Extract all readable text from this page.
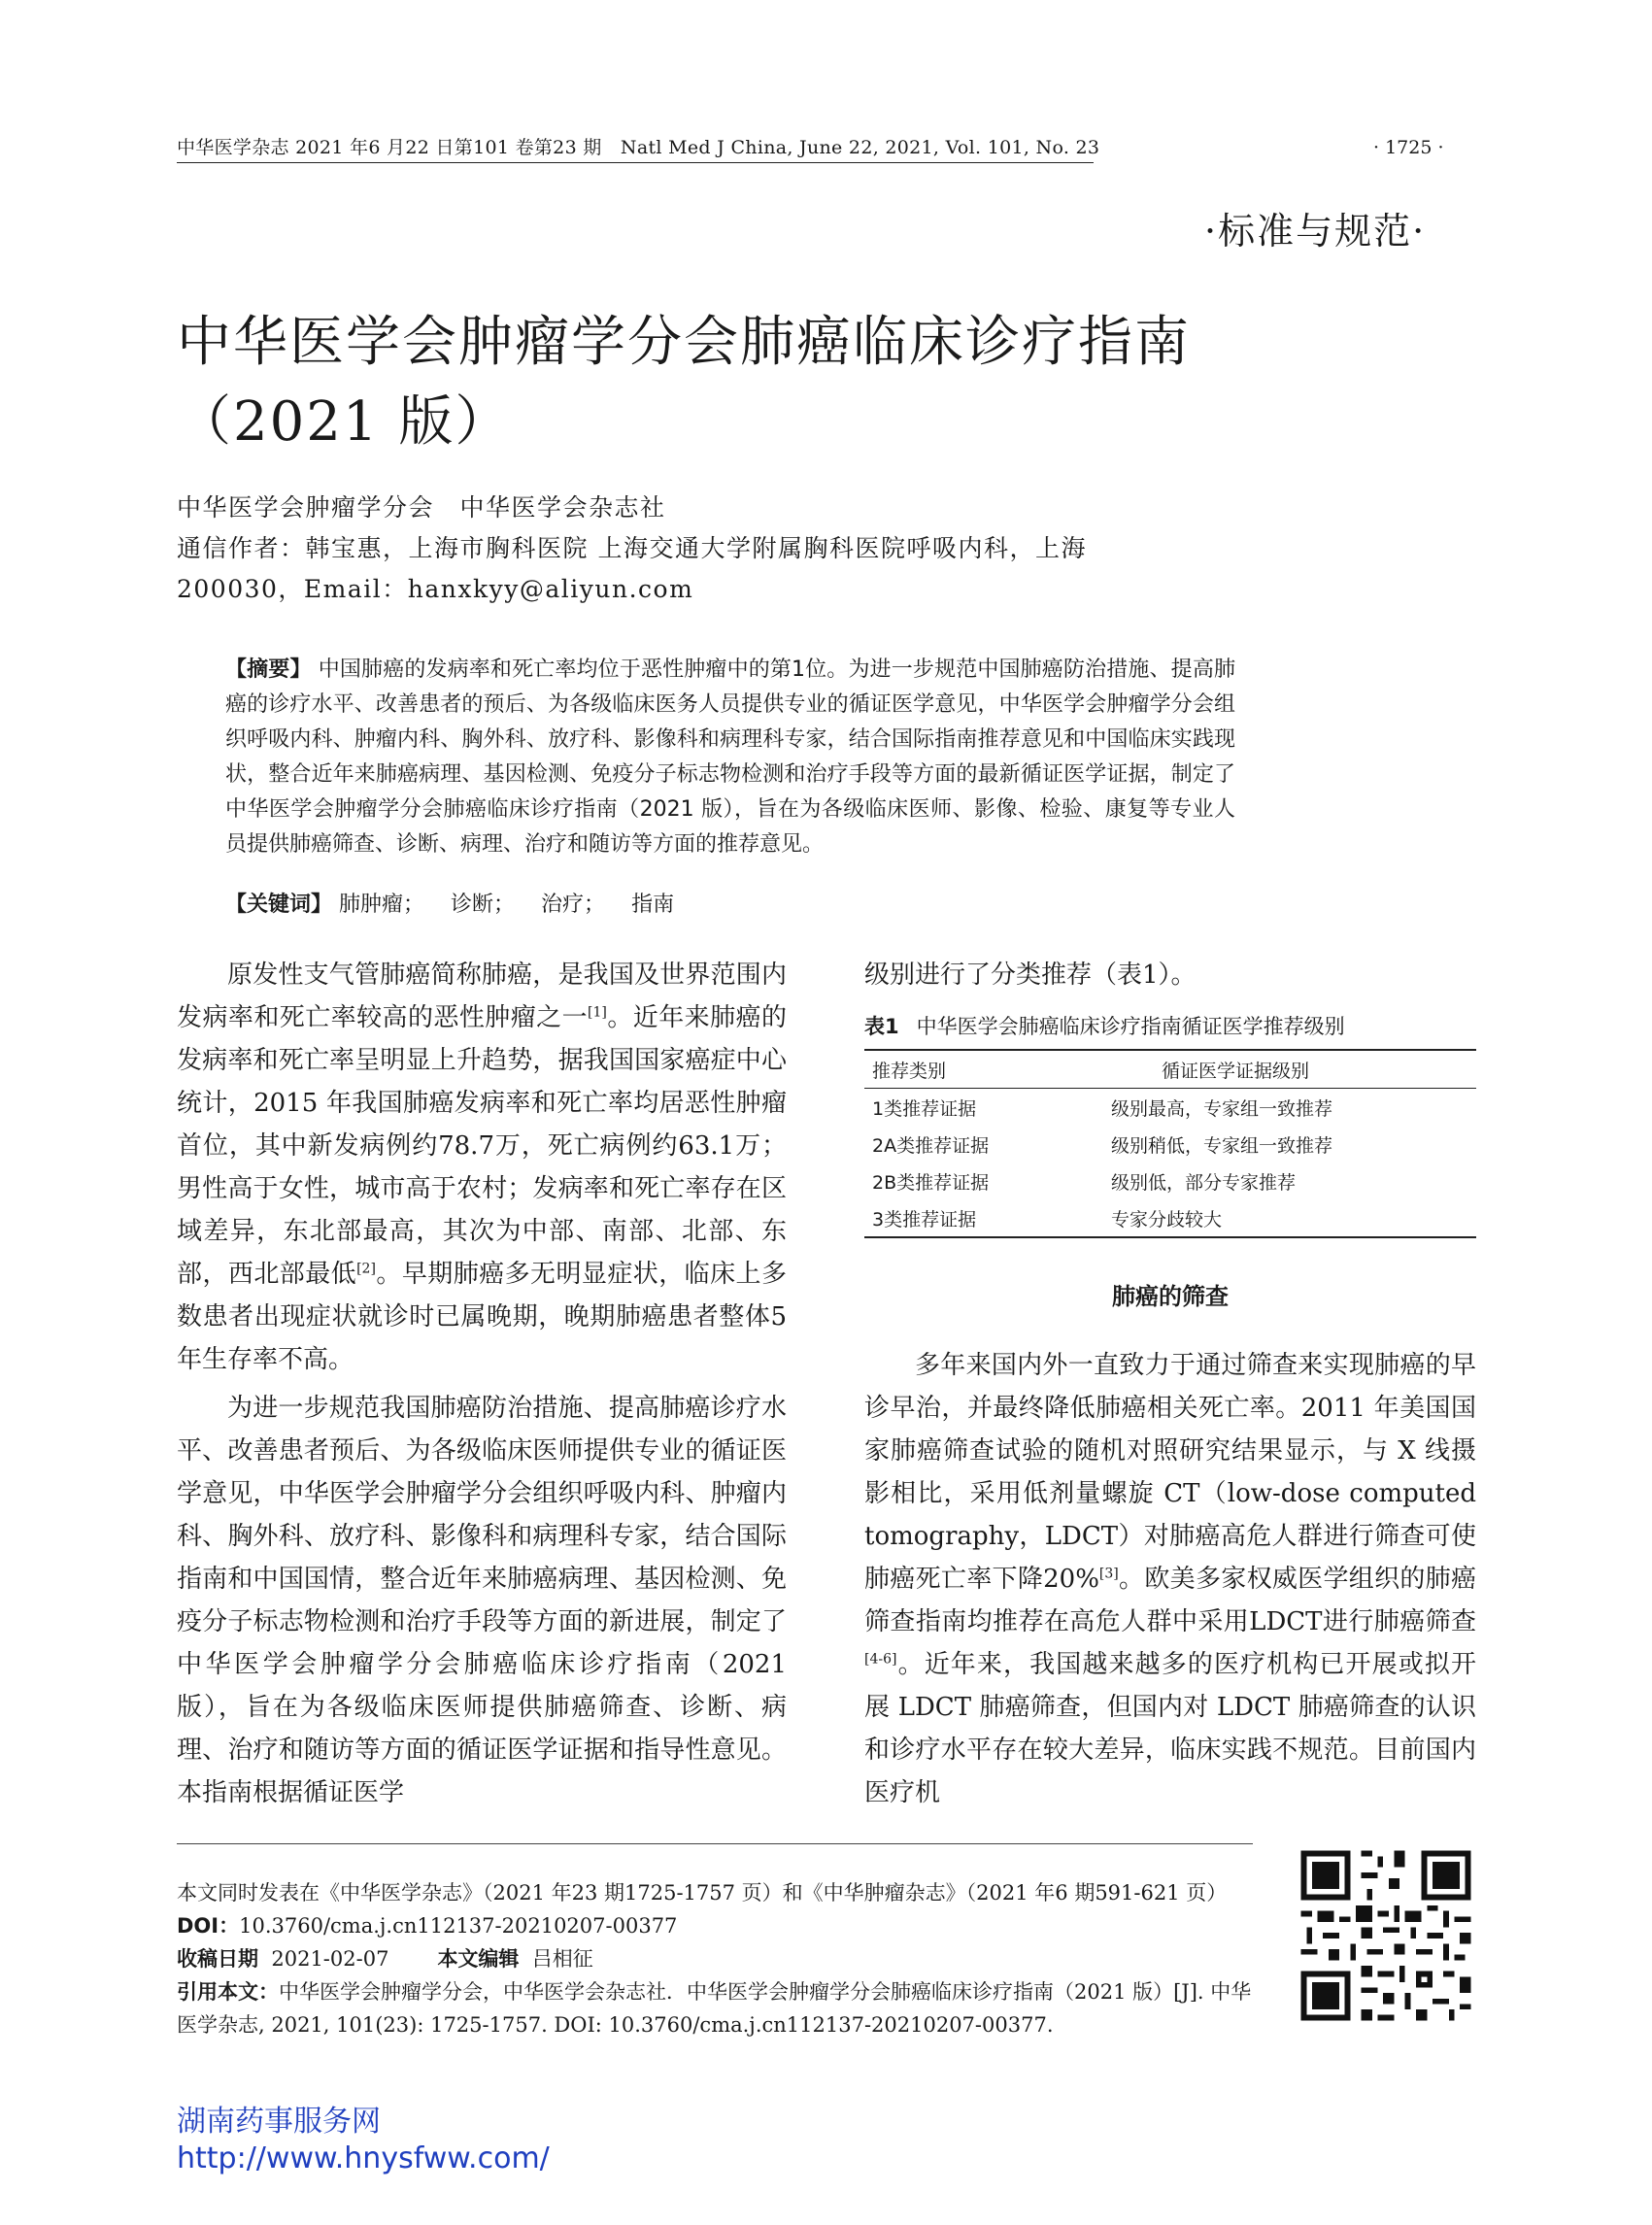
中华医学杂志 2021 年6 月22 日第101 卷第23 期　Natl Med J China, June 22, 2021, Vol. 101, No. 23	· 1725 ·
·标准与规范·
中华医学会肿瘤学分会肺癌临床诊疗指南
（2021 版）
中华医学会肿瘤学分会　中华医学会杂志社
通信作者：韩宝惠，上海市胸科医院 上海交通大学附属胸科医院呼吸内科，上海
200030，Email：hanxkyy@aliyun.com
【摘要】 中国肺癌的发病率和死亡率均位于恶性肿瘤中的第1位。为进一步规范中国肺癌防治措施、提高肺癌的诊疗水平、改善患者的预后、为各级临床医务人员提供专业的循证医学意见，中华医学会肿瘤学分会组织呼吸内科、肿瘤内科、胸外科、放疗科、影像科和病理科专家，结合国际指南推荐意见和中国临床实践现状，整合近年来肺癌病理、基因检测、免疫分子标志物检测和治疗手段等方面的最新循证医学证据，制定了中华医学会肿瘤学分会肺癌临床诊疗指南（2021 版），旨在为各级临床医师、影像、检验、康复等专业人员提供肺癌筛查、诊断、病理、治疗和随访等方面的推荐意见。
【关键词】 肺肿瘤； 诊断； 治疗； 指南

原发性支气管肺癌简称肺癌，是我国及世界范围内发病率和死亡率较高的恶性肿瘤之一[1]。近年来肺癌的发病率和死亡率呈明显上升趋势，据我国国家癌症中心统计，2015 年我国肺癌发病率和死亡率均居恶性肿瘤首位，其中新发病例约78.7万，死亡病例约63.1万；男性高于女性，城市高于农村；发病率和死亡率存在区域差异，东北部最高，其次为中部、南部、北部、东部，西北部最低[2]。早期肺癌多无明显症状，临床上多数患者出现症状就诊时已属晚期，晚期肺癌患者整体5年生存率不高。

为进一步规范我国肺癌防治措施、提高肺癌诊疗水平、改善患者预后、为各级临床医师提供专业的循证医学意见，中华医学会肿瘤学分会组织呼吸内科、肿瘤内科、胸外科、放疗科、影像科和病理科专家，结合国际指南和中国国情，整合近年来肺癌病理、基因检测、免疫分子标志物检测和治疗手段等方面的新进展，制定了中华医学会肿瘤学分会肺癌临床诊疗指南（2021 版），旨在为各级临床医师提供肺癌筛查、诊断、病理、治疗和随访等方面的循证医学证据和指导性意见。本指南根据循证医学

级别进行了分类推荐（表1）。

表1 中华医学会肺癌临床诊疗指南循证医学推荐级别
推荐类别	循证医学证据级别
1类推荐证据	级别最高，专家组一致推荐
2A类推荐证据	级别稍低，专家组一致推荐
2B类推荐证据	级别低，部分专家推荐
3类推荐证据	专家分歧较大
肺癌的筛查

多年来国内外一直致力于通过筛查来实现肺癌的早诊早治，并最终降低肺癌相关死亡率。2011 年美国国家肺癌筛查试验的随机对照研究结果显示，与 X 线摄影相比，采用低剂量螺旋 CT（low-dose computed tomography，LDCT）对肺癌高危人群进行筛查可使肺癌死亡率下降20%[3]。欧美多家权威医学组织的肺癌筛查指南均推荐在高危人群中采用LDCT进行肺癌筛查[4-6]。近年来，我国越来越多的医疗机构已开展或拟开展 LDCT 肺癌筛查，但国内对 LDCT 肺癌筛查的认识和诊疗水平存在较大差异，临床实践不规范。目前国内医疗机

本文同时发表在《中华医学杂志》（2021 年23 期1725-1757 页）和《中华肿瘤杂志》（2021 年6 期591-621 页）
DOI：10.3760/cma.j.cn112137-20210207-00377
收稿日期 2021-02-07 本文编辑 吕相征
引用本文：中华医学会肿瘤学分会，中华医学会杂志社．中华医学会肿瘤学分会肺癌临床诊疗指南（2021 版）[J]. 中华医学杂志, 2021, 101(23): 1725-1757. DOI: 10.3760/cma.j.cn112137-20210207-00377.
湖南药事服务网
http://www.hnysfww.com/
